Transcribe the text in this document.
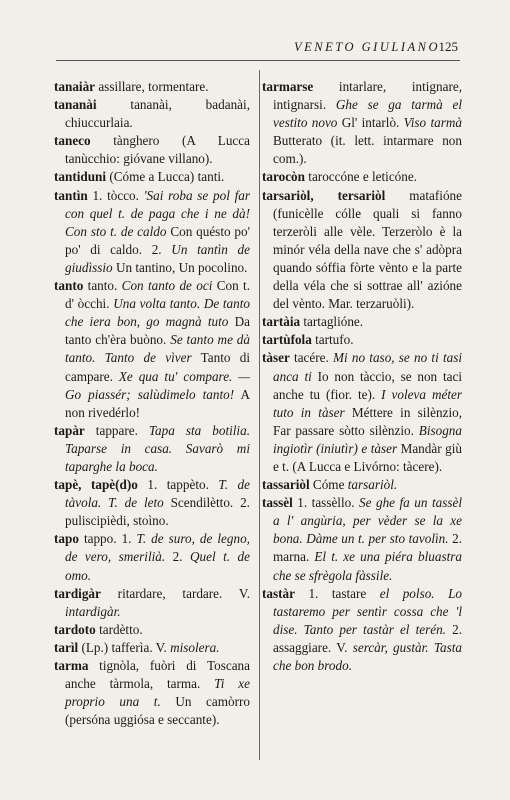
VENETO GIULIANO
125
tanaiàr assillare, tormentare.
tananài tananài, badanài, chiuccurlaia.
taneco tànghero (A Lucca tanùcchio: gióvane villano).
tantiduni (Cóme a Lucca) tanti.
tantìn 1. tòcco. 'Sai roba se pol far con quel t. de paga che i ne dà! Con sto t. de caldo Con quésto po' po' di caldo. 2. Un tantìn de giudìssio Un tantino, Un pocolino.
tanto tanto. Con tanto de oci Con t. d' òcchi. Una volta tanto. De tanto che iera bon, go magnà tuto Da tanto ch'èra buòno. Se tanto me dà tanto. Tanto de vìver Tanto di campare. Xe qua tu' compare. — Go piassér; salùdimelo tanto! A non rivedérlo!
tapàr tappare. Tapa sta botilia. Taparse in casa. Savarò mi taparghe la boca.
tapè, tapè(d)o 1. tappèto. T. de tàvola. T. de leto Scendilètto. 2. puliscipièdi, stoìno.
tapo tappo. 1. T. de suro, de legno, de vero, smerilià. 2. Quel t. de omo.
tardigàr ritardare, tardare. V. intardigàr.
tardoto tardètto.
tarìl (Lp.) tafferìa. V. misolera.
tarma tignòla, fuòri di Toscana anche tàrmola, tarma. Ti xe proprio una t. Un camòrro (persóna uggiósa e seccante).
tarmarse intarlare, intignare, intignarsi. Ghe se ga tarmà el vestito novo Gl' intarlò. Viso tarmà Butterato (it. lett. intarmare non com.).
tarocòn taroccóne e leticóne.
tarsariòl, tersariòl matafióne (funicèlle cólle quali si fanno terzeròli alle vèle. Terzeròlo è la minór véla della nave che s' adòpra quando sóffia fòrte vènto e la parte della véla che si sottrae all' azióne del vènto. Mar. terzaruòli).
tartàia tartaglióne.
tartùfola tartufo.
tàser tacére. Mi no taso, se no ti tasi anca ti Io non tàccio, se non taci anche tu (fior. te). I voleva méter tuto in tàser Méttere in silènzio, Far passare sòtto silènzio. Bisogna ingiotìr (iniutìr) e tàser Mandàr giù e t. (A Lucca e Livórno: tàcere).
tassariòl Cóme tarsariòl.
tassèl 1. tassèllo. Se ghe fa un tassèl a l' angùria, per vèder se la xe bona. Dàme un t. per sto tavolìn. 2. marna. El t. xe una piéra bluastra che se sfrègola fàssile.
tastàr 1. tastare el polso. Lo tastaremo per sentìr cossa che 'l dise. Tanto per tastàr el terén. 2. assaggiare. V. sercàr, gustàr. Tasta che bon brodo.
